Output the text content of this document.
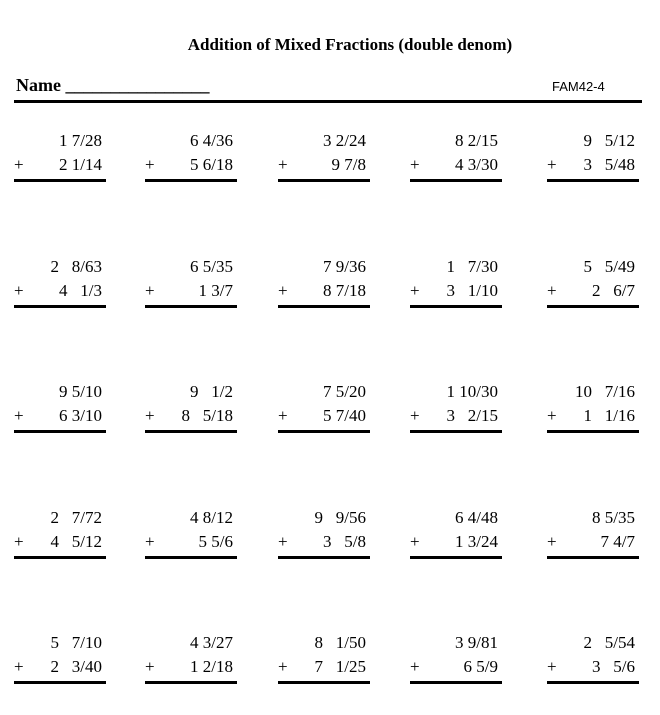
Addition of Mixed Fractions (double denom)
Name ________________	FAM42-4
1 7/28
+ 2 1/14
6 4/36
+ 5 6/18
3 2/24
+	9 7/8
8 2/15
+ 4 3/30
9   5/12
+ 3   5/48
2   8/63
+ 4   1/3
6 5/35
+	1 3/7
7 9/36
+ 8 7/18
1   7/30
+ 3   1/10
5   5/49
+ 2   6/7
9 5/10
+ 6 3/10
9   1/2
+ 8   5/18
7 5/20
+ 5 7/40
1 10/30
+ 3   2/15
10   7/16
+ 1   1/16
2   7/72
+ 4   5/12
4 8/12
+	5 5/6
9   9/56
+ 3   5/8
6 4/48
+ 1 3/24
8 5/35
+	7 4/7
5   7/10
+ 2   3/40
4 3/27
+ 1 2/18
8   1/50
+ 7   1/25
3 9/81
+	6 5/9
2   5/54
+ 3   5/6
